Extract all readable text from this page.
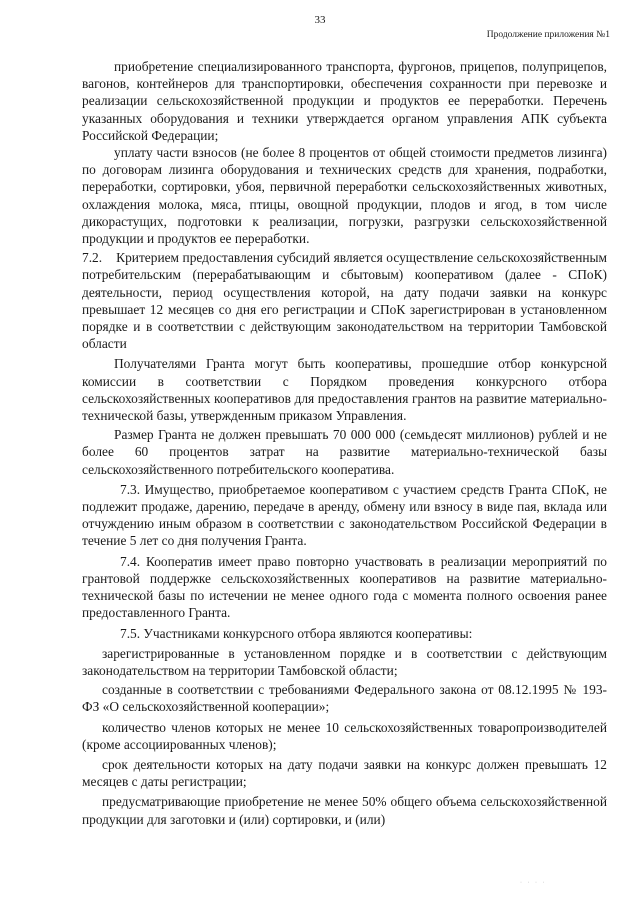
33
Продолжение приложения №1

приобретение специализированного транспорта, фургонов, прицепов, полуприцепов, вагонов, контейнеров для транспортировки, обеспечения сохранности при перевозке и реализации сельскохозяйственной продукции и продуктов ее переработки. Перечень указанных оборудования и техники утверждается органом управления АПК субъекта Российской Федерации;

уплату части взносов (не более 8 процентов от общей стоимости предметов лизинга) по договорам лизинга оборудования и технических средств для хранения, подработки, переработки, сортировки, убоя, первичной переработки сельскохозяйственных животных, охлаждения молока, мяса, птицы, овощной продукции, плодов и ягод, в том числе дикорастущих, подготовки к реализации, погрузки, разгрузки сельскохозяйственной продукции и продуктов ее переработки.

7.2.    Критерием предоставления субсидий является осуществление сельскохозяйственным потребительским (перерабатывающим и сбытовым) кооперативом (далее - СПоК) деятельности, период осуществления которой, на дату подачи заявки на конкурс превышает 12 месяцев со дня его регистрации и СПоК зарегистрирован в установленном порядке и в соответствии с действующим законодательством на территории Тамбовской области

Получателями Гранта могут быть кооперативы, прошедшие отбор конкурсной комиссии в соответствии с Порядком проведения конкурсного отбора сельскохозяйственных кооперативов для предоставления грантов на развитие материально-технической базы, утвержденным приказом Управления.

Размер Гранта не должен превышать 70 000 000 (семьдесят миллионов) рублей и не более 60 процентов затрат на развитие материально-технической базы сельскохозяйственного потребительского кооператива.

7.3. Имущество, приобретаемое кооперативом с участием средств Гранта СПоК, не подлежит продаже, дарению, передаче в аренду, обмену или взносу в виде пая, вклада или отчуждению иным образом в соответствии с законодательством Российской Федерации в течение 5 лет со дня получения Гранта.

7.4. Кооператив имеет право повторно участвовать в реализации мероприятий по грантовой поддержке сельскохозяйственных кооперативов на развитие материально-технической базы по истечении не менее одного года с момента полного освоения ранее предоставленного Гранта.

7.5. Участниками конкурсного отбора являются кооперативы:

зарегистрированные в установленном порядке и в соответствии с действующим законодательством на территории Тамбовской области;

созданные в соответствии с требованиями Федерального закона от 08.12.1995 № 193-ФЗ «О сельскохозяйственной кооперации»;

количество членов которых не менее 10 сельскохозяйственных товаропроизводителей (кроме ассоциированных членов);

срок деятельности которых на дату подачи заявки на конкурс должен превышать 12 месяцев с даты регистрации;

предусматривающие приобретение не менее 50% общего объема сельскохозяйственной продукции для заготовки и (или) сортировки, и (или)

· · · ·
